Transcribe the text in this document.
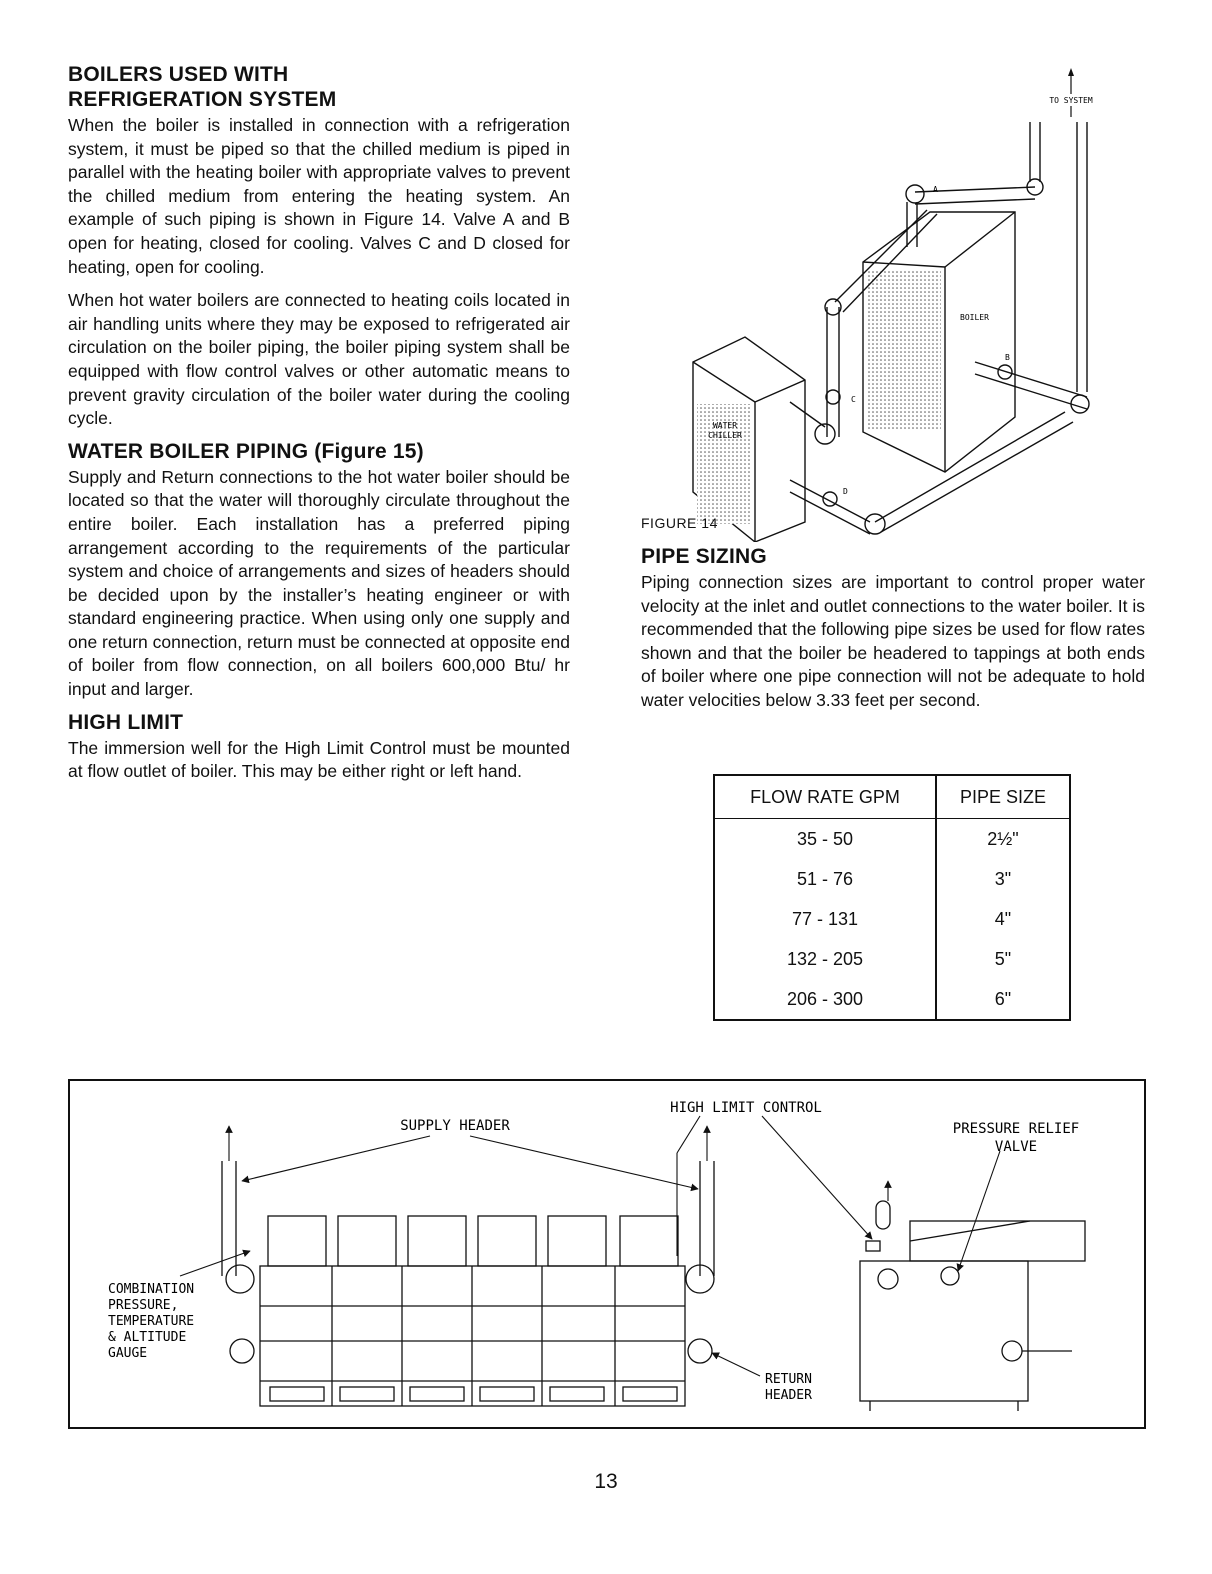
BOILERS USED WITH
REFRIGERATION SYSTEM

When the boiler is installed in connection with a refrigeration system, it must be piped so that the chilled medium is piped in parallel with the heating boiler with appropriate valves to prevent the chilled medium from entering the heating system. An example of such piping is shown in Figure 14. Valve A and B open for heating, closed for cooling. Valves C and D closed for heating, open for cooling.

When hot water boilers are connected to heating coils located in air handling units where they may be exposed to refrigerated air circulation on the boiler piping, the boiler piping system shall be equipped with flow control valves or other automatic means to prevent gravity circulation of the boiler water during the cooling cycle.

WATER BOILER PIPING (Figure 15)

Supply and Return connections to the hot water boiler should be located so that the water will thoroughly circulate throughout the entire boiler. Each installation has a preferred piping arrangement according to the requirements of the particular system and choice of arrangements and sizes of headers should be decided upon by the installer’s heating engineer or with standard engineering practice. When using only one supply and one return connection, return must be connected at opposite end of boiler from flow connection, on all boilers 600,000 Btu/ hr input and larger.

HIGH LIMIT

The immersion well for the High Limit Control must be mounted at flow outlet of boiler. This may be either right or left hand.

TO SYSTEM
BOILER
WATER
CHILLER
A
B
C
D
FIGURE 14
PIPE SIZING

Piping connection sizes are important to control proper water velocity at the inlet and outlet connections to the water boiler. It is recommended that the following pipe sizes be used for flow rates shown and that the boiler be headered to tappings at both ends of boiler where one pipe connection will not be adequate to hold water velocities below 3.33 feet per second.

FLOW RATE GPM	PIPE SIZE
35 - 50	2½"
51 - 76	3"
77 - 131	4"
132 - 205	5"
206 - 300	6"
SUPPLY HEADER
HIGH LIMIT CONTROL
PRESSURE RELIEF
VALVE
COMBINATION
PRESSURE,
TEMPERATURE
& ALTITUDE
GAUGE
RETURN
HEADER
13
